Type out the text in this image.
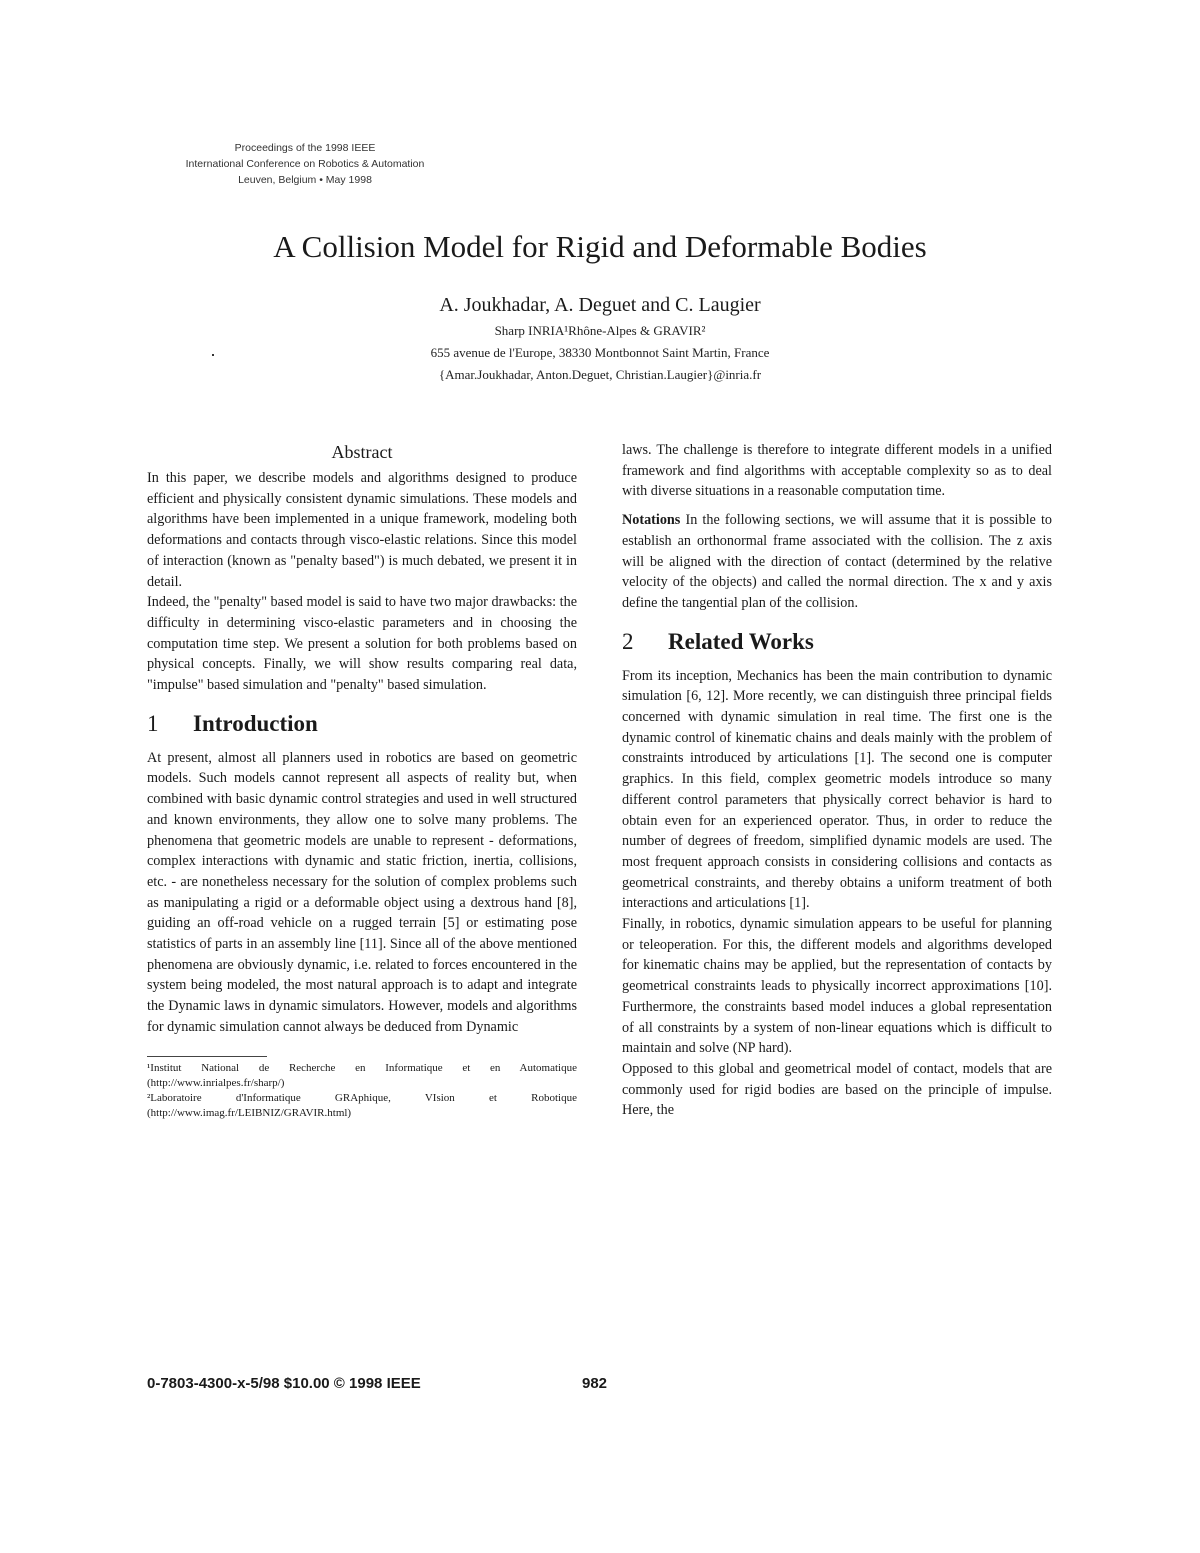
Proceedings of the 1998 IEEE
International Conference on Robotics & Automation
Leuven, Belgium • May 1998
A Collision Model for Rigid and Deformable Bodies
A. Joukhadar, A. Deguet and C. Laugier
Sharp INRIA¹Rhône-Alpes & GRAVIR²
655 avenue de l'Europe, 38330 Montbonnot Saint Martin, France
{Amar.Joukhadar, Anton.Deguet, Christian.Laugier}@inria.fr
Abstract

In this paper, we describe models and algorithms designed to produce efficient and physically consistent dynamic simulations. These models and algorithms have been implemented in a unique framework, modeling both deformations and contacts through visco-elastic relations. Since this model of interaction (known as "penalty based") is much debated, we present it in detail.

Indeed, the "penalty" based model is said to have two major drawbacks: the difficulty in determining visco-elastic parameters and in choosing the computation time step. We present a solution for both problems based on physical concepts. Finally, we will show results comparing real data, "impulse" based simulation and "penalty" based simulation.

1 Introduction

At present, almost all planners used in robotics are based on geometric models. Such models cannot represent all aspects of reality but, when combined with basic dynamic control strategies and used in well structured and known environments, they allow one to solve many problems. The phenomena that geometric models are unable to represent - deformations, complex interactions with dynamic and static friction, inertia, collisions, etc. - are nonetheless necessary for the solution of complex problems such as manipulating a rigid or a deformable object using a dextrous hand [8], guiding an off-road vehicle on a rugged terrain [5] or estimating pose statistics of parts in an assembly line [11]. Since all of the above mentioned phenomena are obviously dynamic, i.e. related to forces encountered in the system being modeled, the most natural approach is to adapt and integrate the Dynamic laws in dynamic simulators. However, models and algorithms for dynamic simulation cannot always be deduced from Dynamic

¹Institut National de Recherche en Informatique et en Automatique (http://www.inrialpes.fr/sharp/)

²Laboratoire d'Informatique GRAphique, VIsion et Robotique (http://www.imag.fr/LEIBNIZ/GRAVIR.html)

laws. The challenge is therefore to integrate different models in a unified framework and find algorithms with acceptable complexity so as to deal with diverse situations in a reasonable computation time.

Notations In the following sections, we will assume that it is possible to establish an orthonormal frame associated with the collision. The z axis will be aligned with the direction of contact (determined by the relative velocity of the objects) and called the normal direction. The x and y axis define the tangential plan of the collision.

2 Related Works

From its inception, Mechanics has been the main contribution to dynamic simulation [6, 12]. More recently, we can distinguish three principal fields concerned with dynamic simulation in real time. The first one is the dynamic control of kinematic chains and deals mainly with the problem of constraints introduced by articulations [1]. The second one is computer graphics. In this field, complex geometric models introduce so many different control parameters that physically correct behavior is hard to obtain even for an experienced operator. Thus, in order to reduce the number of degrees of freedom, simplified dynamic models are used. The most frequent approach consists in considering collisions and contacts as geometrical constraints, and thereby obtains a uniform treatment of both interactions and articulations [1].

Finally, in robotics, dynamic simulation appears to be useful for planning or teleoperation. For this, the different models and algorithms developed for kinematic chains may be applied, but the representation of contacts by geometrical constraints leads to physically incorrect approximations [10]. Furthermore, the constraints based model induces a global representation of all constraints by a system of non-linear equations which is difficult to maintain and solve (NP hard).

Opposed to this global and geometrical model of contact, models that are commonly used for rigid bodies are based on the principle of impulse. Here, the

0-7803-4300-x-5/98 $10.00 © 1998 IEEE	982
